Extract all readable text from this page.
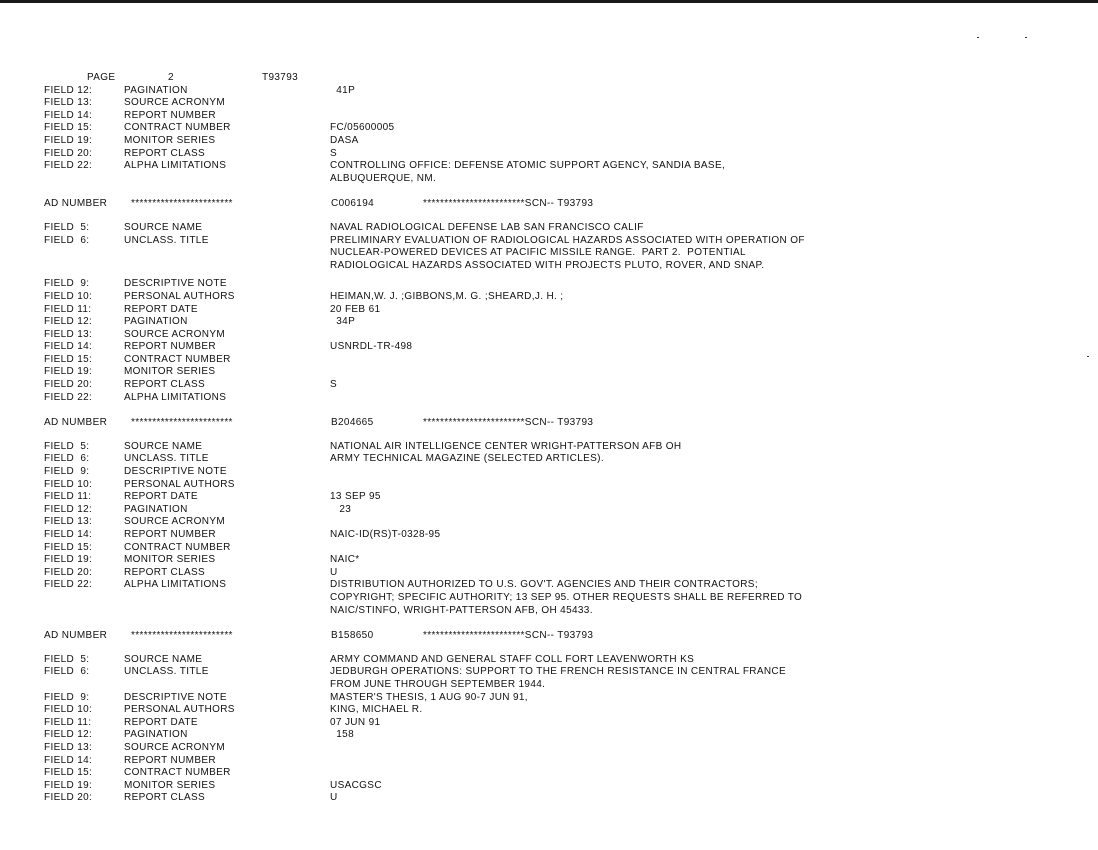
PAGE

	2

	T93793

FIELD 12:	PAGINATION	41P
FIELD 13:	SOURCE ACRONYM
FIELD 14:	REPORT NUMBER
FIELD 15:	CONTRACT NUMBER	FC/05600005
FIELD 19:	MONITOR SERIES	DASA
FIELD 20:	REPORT CLASS	S
FIELD 22:	ALPHA LIMITATIONS	CONTROLLING OFFICE: DEFENSE ATOMIC SUPPORT AGENCY, SANDIA BASE,
ALBUQUERQUE, NM.
AD NUMBER	************************	C006194	************************SCN-- T93793
FIELD  5:	SOURCE NAME	NAVAL RADIOLOGICAL DEFENSE LAB SAN FRANCISCO CALIF
FIELD  6:	UNCLASS. TITLE	PRELIMINARY EVALUATION OF RADIOLOGICAL HAZARDS ASSOCIATED WITH OPERATION OF
NUCLEAR-POWERED DEVICES AT PACIFIC MISSILE RANGE.  PART 2.  POTENTIAL
RADIOLOGICAL HAZARDS ASSOCIATED WITH PROJECTS PLUTO, ROVER, AND SNAP.
FIELD  9:	DESCRIPTIVE NOTE
FIELD 10:	PERSONAL AUTHORS	HEIMAN,W. J. ;GIBBONS,M. G. ;SHEARD,J. H. ;
FIELD 11:	REPORT DATE	20 FEB 61
FIELD 12:	PAGINATION	34P
FIELD 13:	SOURCE ACRONYM
FIELD 14:	REPORT NUMBER	USNRDL-TR-498
FIELD 15:	CONTRACT NUMBER
FIELD 19:	MONITOR SERIES
FIELD 20:	REPORT CLASS	S
FIELD 22:	ALPHA LIMITATIONS
AD NUMBER	************************	B204665	************************SCN-- T93793
FIELD  5:	SOURCE NAME	NATIONAL AIR INTELLIGENCE CENTER WRIGHT-PATTERSON AFB OH
FIELD  6:	UNCLASS. TITLE	ARMY TECHNICAL MAGAZINE (SELECTED ARTICLES).
FIELD  9:	DESCRIPTIVE NOTE
FIELD 10:	PERSONAL AUTHORS
FIELD 11:	REPORT DATE	13 SEP 95
FIELD 12:	PAGINATION	23
FIELD 13:	SOURCE ACRONYM
FIELD 14:	REPORT NUMBER	NAIC-ID(RS)T-0328-95
FIELD 15:	CONTRACT NUMBER
FIELD 19:	MONITOR SERIES	NAIC*
FIELD 20:	REPORT CLASS	U
FIELD 22:	ALPHA LIMITATIONS	DISTRIBUTION AUTHORIZED TO U.S. GOV'T. AGENCIES AND THEIR CONTRACTORS;
COPYRIGHT; SPECIFIC AUTHORITY; 13 SEP 95. OTHER REQUESTS SHALL BE REFERRED TO
NAIC/STINFO, WRIGHT-PATTERSON AFB, OH 45433.
AD NUMBER	************************	B158650	************************SCN-- T93793
FIELD  5:	SOURCE NAME	ARMY COMMAND AND GENERAL STAFF COLL FORT LEAVENWORTH KS
FIELD  6:	UNCLASS. TITLE	JEDBURGH OPERATIONS: SUPPORT TO THE FRENCH RESISTANCE IN CENTRAL FRANCE
FROM JUNE THROUGH SEPTEMBER 1944.
FIELD  9:	DESCRIPTIVE NOTE	MASTER'S THESIS, 1 AUG 90-7 JUN 91,
FIELD 10:	PERSONAL AUTHORS	KING, MICHAEL R.
FIELD 11:	REPORT DATE	07 JUN 91
FIELD 12:	PAGINATION	158
FIELD 13:	SOURCE ACRONYM
FIELD 14:	REPORT NUMBER
FIELD 15:	CONTRACT NUMBER
FIELD 19:	MONITOR SERIES	USACGSC
FIELD 20:	REPORT CLASS	U
